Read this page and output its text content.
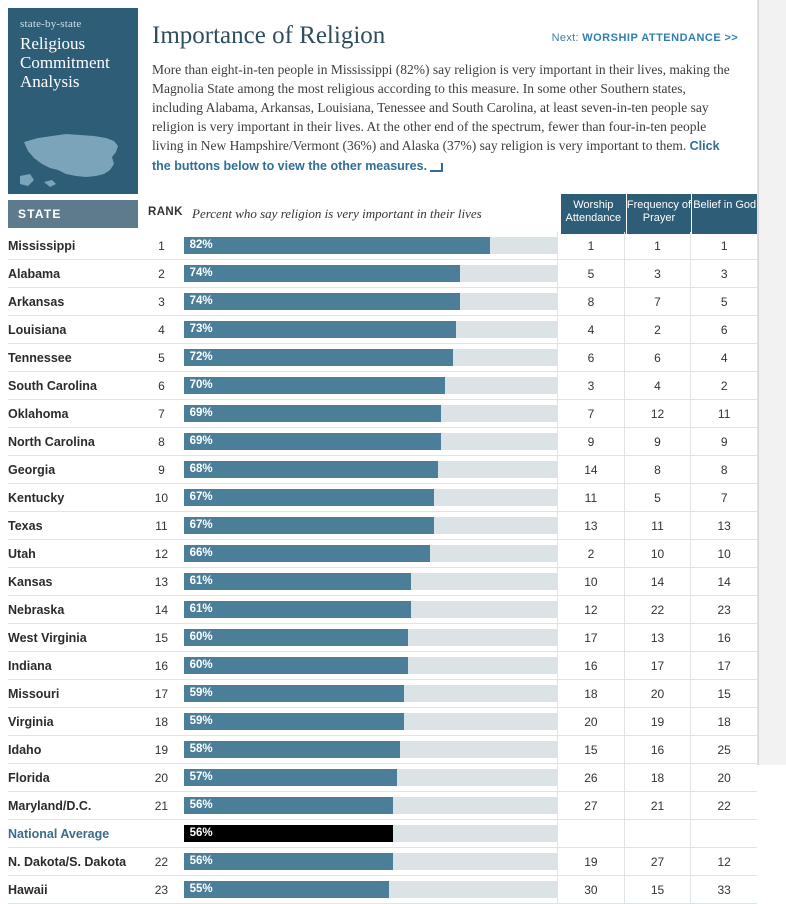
state-by-state
Religious
Commitment
Analysis
Importance of Religion	Next: WORSHIP ATTENDANCE >>

More than eight-in-ten people in Mississippi (82%) say religion is very important in their lives, making the Magnolia State among the most religious according to this measure. In some other Southern states, including Alabama, Arkansas, Louisiana, Tenessee and South Carolina, at least seven-in-ten people say religion is very important in their lives. At the other end of the spectrum, fewer than four-in-ten people living in New Hampshire/Vermont (36%) and Alaska (37%) say religion is very important to them. Click the buttons below to view the other measures.

STATE	RANK Percent who say religion is very important in their lives
Worship Attendance
Frequency of Prayer
Belief in God
Mississippi	1	82%	1	1	1
Alabama	2	74%	5	3	3
Arkansas	3	74%	8	7	5
Louisiana	4	73%	4	2	6
Tennessee	5	72%	6	6	4
South Carolina	6	70%	3	4	2
Oklahoma	7	69%	7	12	11
North Carolina	8	69%	9	9	9
Georgia	9	68%	14	8	8
Kentucky	10	67%	11	5	7
Texas	11	67%	13	11	13
Utah	12	66%	2	10	10
Kansas	13	61%	10	14	14
Nebraska	14	61%	12	22	23
West Virginia	15	60%	17	13	16
Indiana	16	60%	16	17	17
Missouri	17	59%	18	20	15
Virginia	18	59%	20	19	18
Idaho	19	58%	15	16	25
Florida	20	57%	26	18	20
Maryland/D.C.	21	56%	27	21	22
National Average		56%			

N. Dakota/S. Dakota	22	56%	19	27	12
Hawaii	23	55%	30	15	33
